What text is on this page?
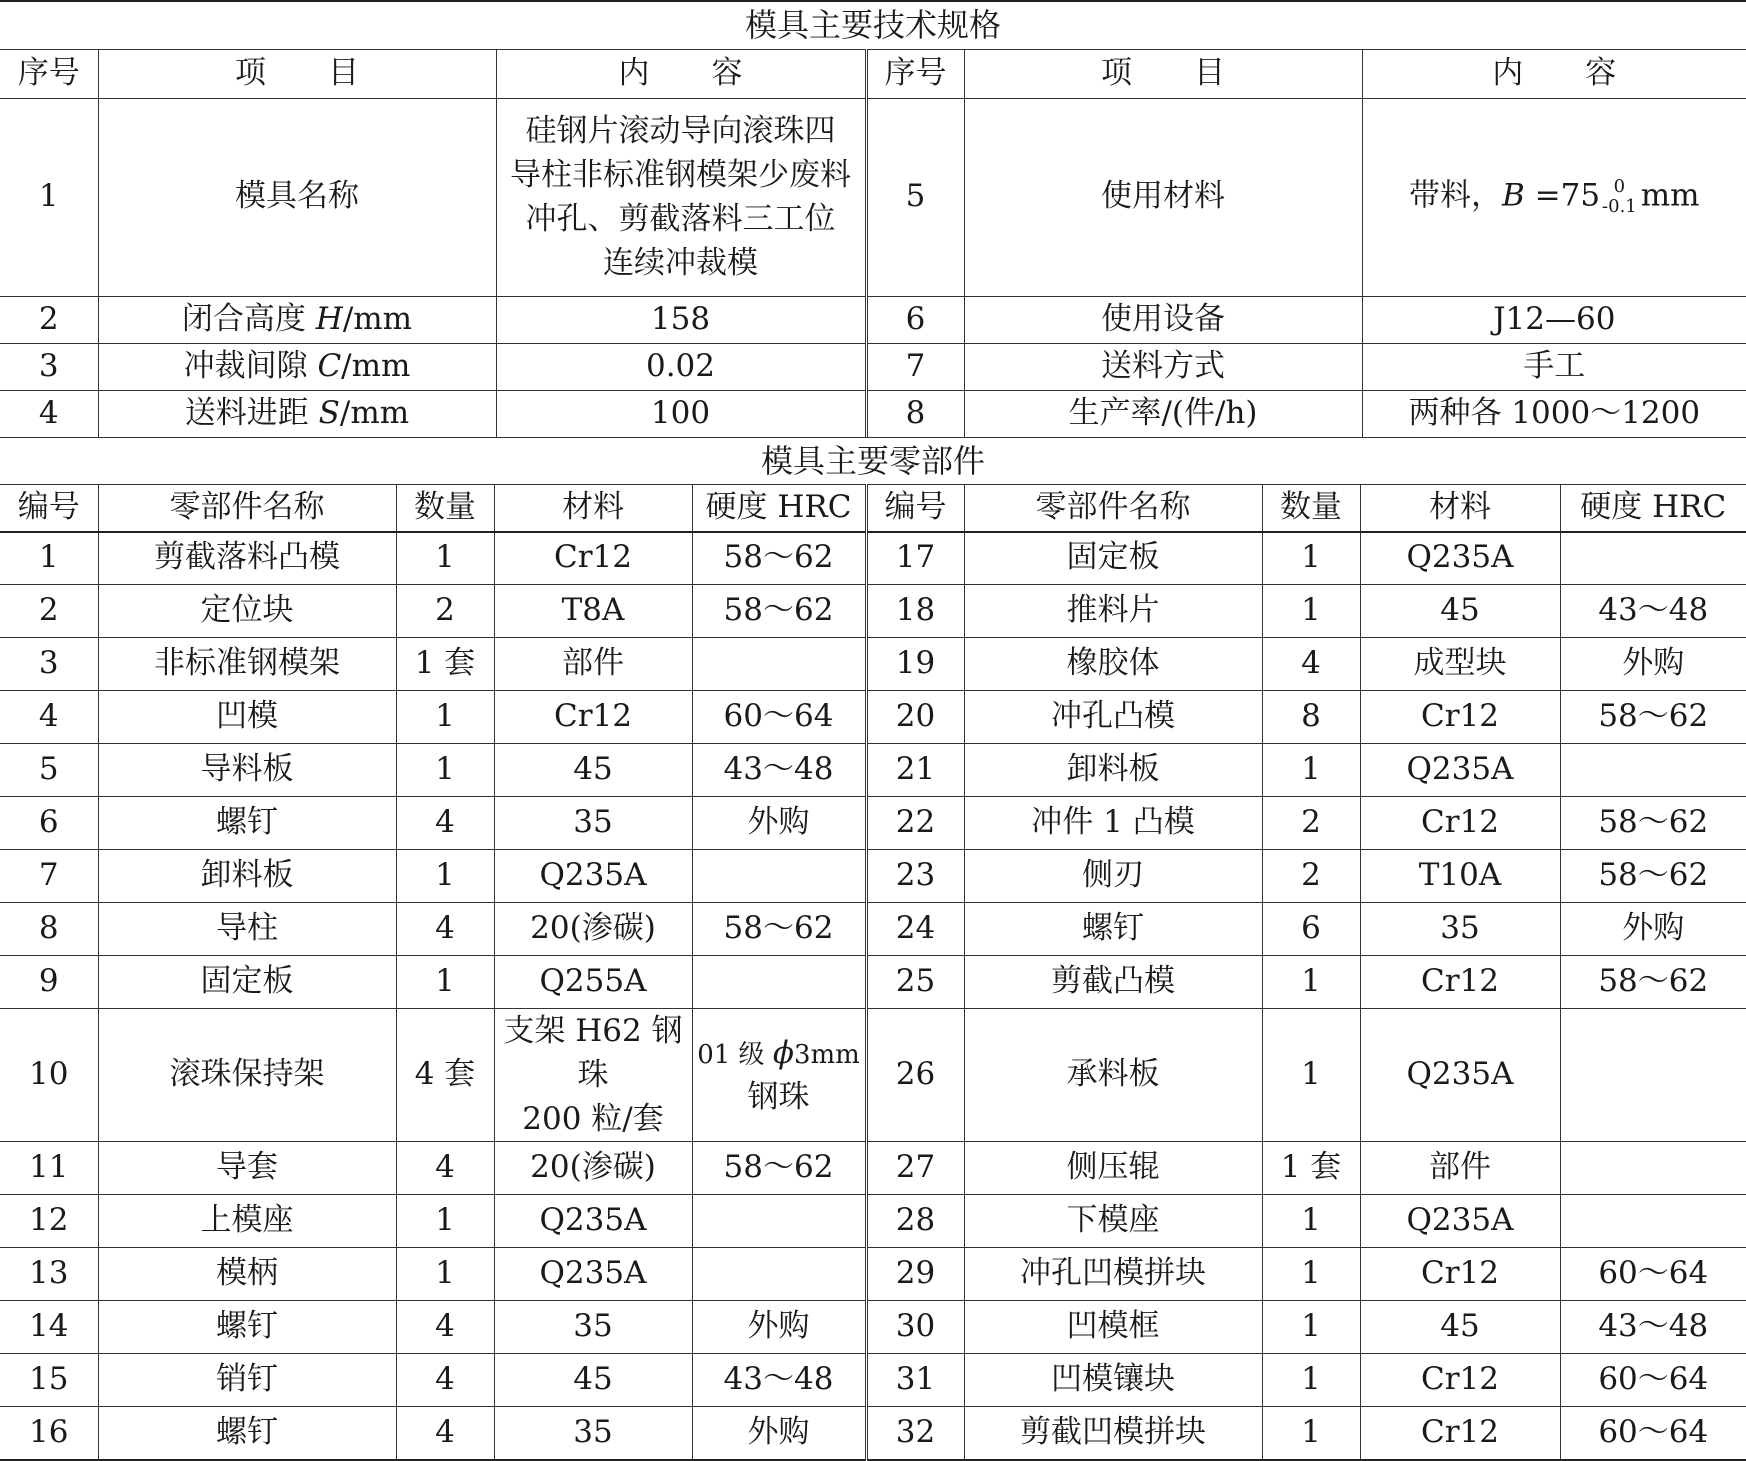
模具主要技术规格					
序号	项　　目	内　　容	序号	项　　目	内　　容
1	模具名称	硅钢片滚动导向滚珠四
导柱非标准钢模架少废料
冲孔、剪截落料三工位
连续冲裁模	5	使用材料	带料，B =75 0
-0.1 mm
2	闭合高度 H/mm	158	6	使用设备	J12—60
3	冲裁间隙 C/mm	0.02	7	送料方式	手工
4	送料进距 S/mm	100	8	生产率/(件/h)	两种各 1000～1200
模具主要零部件									
编号	零部件名称	数量	材料	硬度 HRC	编号	零部件名称	数量	材料	硬度 HRC
1	剪截落料凸模	1	Cr12	58～62	17	固定板	1	Q235A	
2	定位块	2	T8A	58～62	18	推料片	1	45	43～48
3	非标准钢模架	1 套	部件		19	橡胶体	4	成型块	外购
4	凹模	1	Cr12	60～64	20	冲孔凸模	8	Cr12	58～62
5	导料板	1	45	43～48	21	卸料板	1	Q235A	
6	螺钉	4	35	外购	22	冲件 1 凸模	2	Cr12	58～62
7	卸料板	1	Q235A		23	侧刃	2	T10A	58～62
8	导柱	4	20(渗碳)	58～62	24	螺钉	6	35	外购
9	固定板	1	Q255A		25	剪截凸模	1	Cr12	58～62
10	滚珠保持架	4 套	支架 H62 钢珠
200 粒/套	01 级 ϕ3mm
钢珠	26	承料板	1	Q235A	
11	导套	4	20(渗碳)	58～62	27	侧压辊	1 套	部件	
12	上模座	1	Q235A		28	下模座	1	Q235A	
13	模柄	1	Q235A		29	冲孔凹模拼块	1	Cr12	60～64
14	螺钉	4	35	外购	30	凹模框	1	45	43～48
15	销钉	4	45	43～48	31	凹模镶块	1	Cr12	60～64
16	螺钉	4	35	外购	32	剪截凹模拼块	1	Cr12	60～64
